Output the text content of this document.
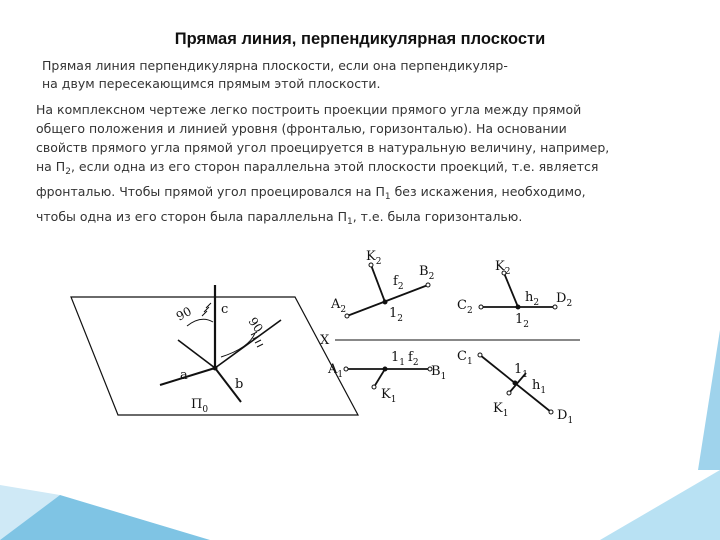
Прямая линия, перпендикулярная плоскости
Прямая линия перпендикулярна плоскости, если она перпендикуляр-
на двум пересекающимся прямым этой плоскости.

На комплексном чертеже легко построить проекции прямого угла между прямой

общего положения и линией уровня (фронталью, горизонталью). На основании

свойств прямого угла прямой угол проецируется в натуральную величину, например,

на $П_2$, если одна из его сторон параллельна этой плоскости проекций, т.е. является

фронталью. Чтобы прямой угол проецировался на $П_1$ без искажения, необходимо,

чтобы одна из его сторон была параллельна $П_1$, т.е. была горизонталью.

90
90
c
a
b
$П_0$
X
$K_2$
$B_2$
$f_2$
$A_2$	$1_2$
$A_1$
$1_1$ $f_2$
$B_1$
$K_1$
$K_2$
$C_2$
$h_2$ $D_2$
$1_2$
$C_1$	$1_1$
$h_1$
$K_1$	$D_1$
